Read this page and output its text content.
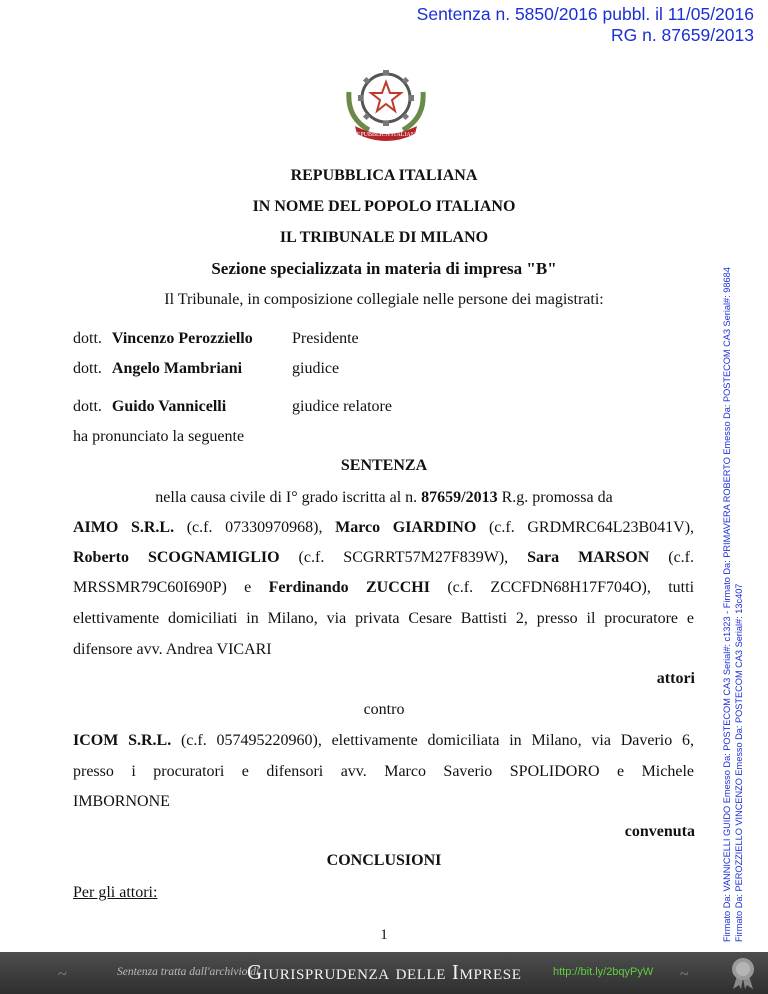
Sentenza n. 5850/2016 pubbl. il 11/05/2016
RG n. 87659/2013
REPUBBLICA ITALIANA
REPUBBLICA ITALIANA
IN NOME DEL POPOLO ITALIANO
IL TRIBUNALE DI MILANO
Sezione specializzata in materia di impresa "B"
Il Tribunale, in composizione collegiale nelle persone dei magistrati:
dott. Vincenzo Perozziello Presidente
dott. Angelo Mambriani	giudice
dott. Guido Vannicelli	giudice relatore
ha pronunciato la seguente
SENTENZA
nella causa civile di I° grado iscritta al n. 87659/2013 R.g. promossa da
AIMO S.R.L. (c.f. 07330970968), Marco GIARDINO (c.f. GRDMRC64L23B041V),
Roberto SCOGNAMIGLIO (c.f. SCGRRT57M27F839W), Sara MARSON (c.f.
MRSSMR79C60I690P) e Ferdinando ZUCCHI (c.f. ZCCFDN68H17F704O), tutti
elettivamente domiciliati in Milano, via privata Cesare Battisti 2, presso il procuratore e
difensore avv. Andrea VICARI
attori
contro
ICOM S.R.L. (c.f. 057495220960), elettivamente domiciliata in Milano, via Daverio 6,
presso i procuratori e difensori avv. Marco Saverio SPOLIDORO e Michele
IMBORNONE
convenuta
CONCLUSIONI
Per gli attori:
1	Firmato Da: VANNICELLI GUIDO Emesso Da: POSTECOM CA3 Serial#: c1323 - Firmato Da: PRIMAVERA ROBERTO Emesso Da: POSTECOM CA3 Serial#: 98684 Firmato Da: PEROZZIELLO VINCENZO Emesso Da: POSTECOM CA3 Serial#: 13c407
~	Sentenza tratta dall'archivio di
Giurisprudenza delle Imprese	http://bit.ly/2bqyPyW ~
